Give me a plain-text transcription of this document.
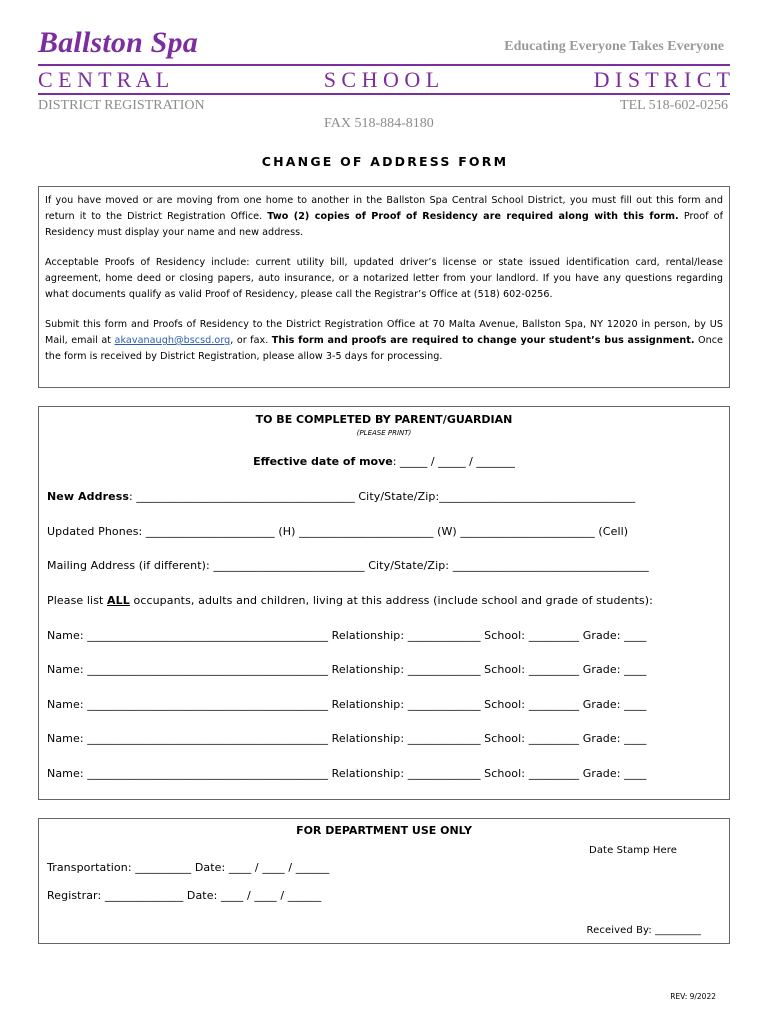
Ballston Spa	Educating Everyone Takes Everyone
C E N T R A L	S C H O O L	D I S T R I C T
DISTRICT REGISTRATION	TEL 518-602-0256
FAX 518-884-8180
CHANGE OF ADDRESS FORM

If you have moved or are moving from one home to another in the Ballston Spa Central School District, you must fill out this form and return it to the District Registration Office. Two (2) copies of Proof of Residency are required along with this form. Proof of Residency must display your name and new address.

Acceptable Proofs of Residency include: current utility bill, updated driver’s license or state issued identification card, rental/lease agreement, home deed or closing papers, auto insurance, or a notarized letter from your landlord. If you have any questions regarding what documents qualify as valid Proof of Residency, please call the Registrar’s Office at (518) 602-0256.

Submit this form and Proofs of Residency to the District Registration Office at 70 Malta Avenue, Ballston Spa, NY 12020 in person, by US Mail, email at akavanaugh@bscsd.org, or fax. This form and proofs are required to change your student’s bus assignment. Once the form is received by District Registration, please allow 3-5 days for processing.

TO BE COMPLETED BY PARENT/GUARDIAN
(PLEASE PRINT)
Effective date of move: _____ / _____ / _______
New Address: _______________________________________ City/State/Zip:___________________________________
Updated Phones: _______________________ (H) ________________________ (W) ________________________ (Cell)
Mailing Address (if different): ___________________________ City/State/Zip: ___________________________________
Please list ALL occupants, adults and children, living at this address (include school and grade of students):
Name: ___________________________________________ Relationship: _____________ School: _________ Grade: ____
Name: ___________________________________________ Relationship: _____________ School: _________ Grade: ____
Name: ___________________________________________ Relationship: _____________ School: _________ Grade: ____
Name: ___________________________________________ Relationship: _____________ School: _________ Grade: ____
Name: ___________________________________________ Relationship: _____________ School: _________ Grade: ____
FOR DEPARTMENT USE ONLY
Date Stamp Here
Transportation: __________ Date: ____ / ____ / ______
Registrar: ______________ Date: ____ / ____ / ______
Received By: _________
REV: 9/2022
